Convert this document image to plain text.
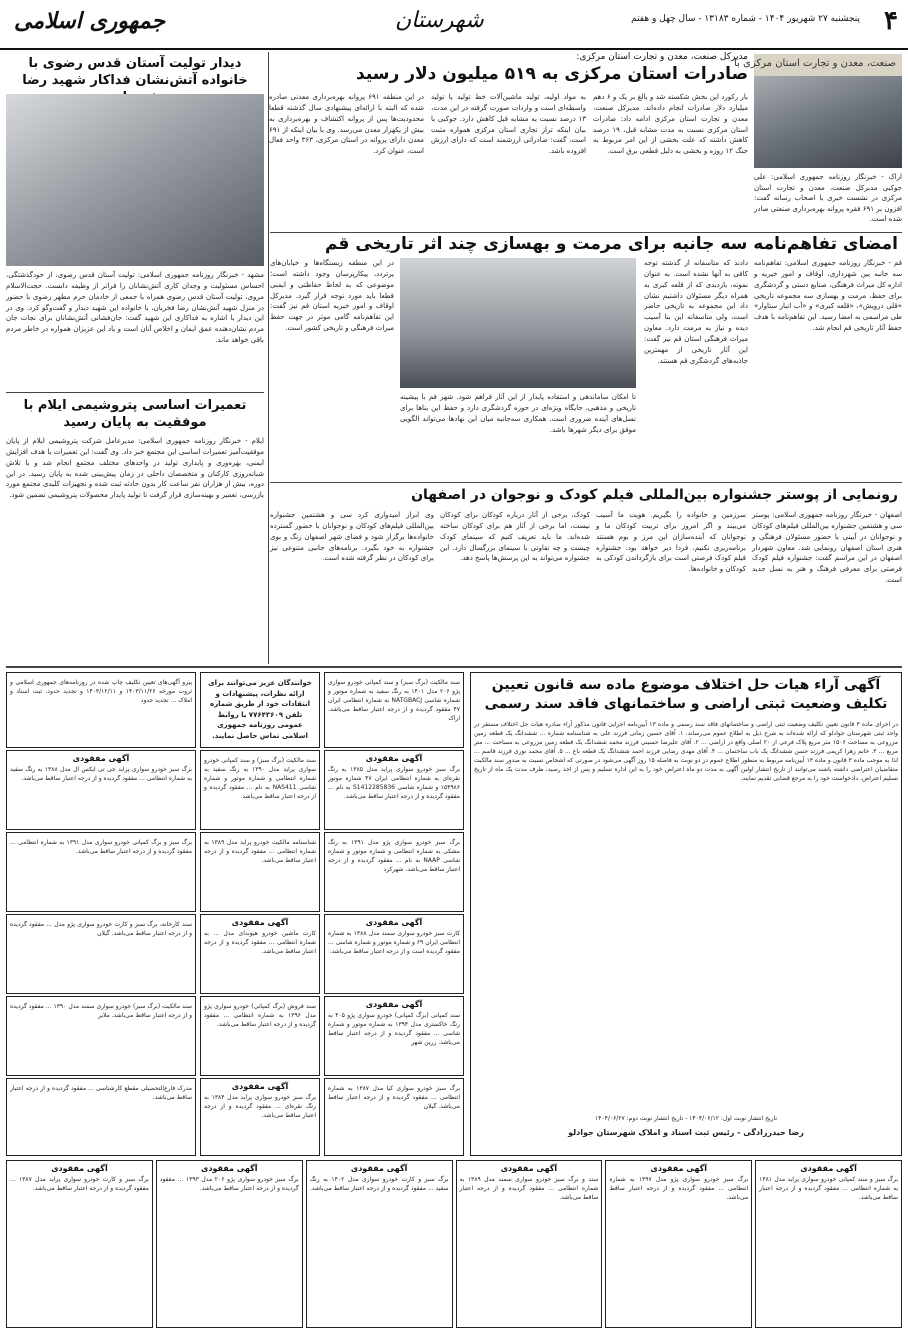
۴
پنجشنبه ۲۷ شهریور ۱۴۰۴ - شماره ۱۳۱۸۳ - سال چهل و هفتم
شهرستان
جمهوری اسلامی
مدیرکل صنعت، معدن و تجارت استان مرکزی:
صادرات استان مرکزی به ۵۱۹ میلیون دلار رسید
صنعت، معدن و تجارت استان مرکزی با
اراک - خبرنگار روزنامه جمهوری اسلامی: علی جوکبی مدیرکل صنعت، معدن و تجارت استان مرکزی در نشست خبری با اصحاب رسانه گفت: افزون بر ۶۹۱ فقره پروانه بهره‌برداری صنعتی صادر شده است.
بار رکورد این بخش شکسته شد و بالغ بر یک و ۶ دهم میلیارد دلار صادرات انجام داده‌اند. مدیرکل صنعت، معدن و تجارت استان مرکزی ادامه داد: صادرات استان مرکزی نسبت به مدت مشابه قبل، ۱۹ درصد کاهش داشته که علت بخشی از این امر مربوط به جنگ ۱۲ روزه و بخشی به دلیل قطعی برق است.
به مواد اولیه، تولید ماشین‌آلات خط تولید یا تولید واسطه‌ای است و واردات صورت گرفته در این مدت، ۱۳ درصد نسبت به مشابه قبل کاهش دارد. جوکبی با بیان اینکه تراز تجاری استان مرکزی همواره مثبت است، گفت: صادراتی ارزشمند است که دارای ارزش افزوده باشد.
در این منطقه ۶۹۱ پروانه بهره‌برداری معدنی صادره شده که البته با ارائه‌ای پیشنهادی سال گذشته قطعا محدودیت‌ها پس از پروانه اکتشاف و بهره‌برداری به بیش از یکهزار معدن می‌رسد. وی با بیان اینکه از ۶۹۱ معدن دارای پروانه در استان مرکزی، ۳۶۳ واحد فعال است، عنوان کرد.
امضای تفاهم‌نامه سه جانبه برای مرمت و بهسازی چند اثر تاریخی قم
قم - خبرنگار روزنامه جمهوری اسلامی: تفاهم‌نامه سه جانبه بین شهرداری، اوقاف و امور خیریه و اداره کل میراث فرهنگی، صنایع دستی و گردشگری برای حفظ، مرمت و بهسازی سه مجموعه تاریخی «قلی درویش»، «قلعه کبری» و «آب انبار ستاوار» طی مراسمی به امضا رسید. این تفاهم‌نامه با هدف حفظ آثار تاریخی قم انجام شد.
دادند که متاسفانه از گذشته توجه کافی به آنها نشده است. به عنوان نمونه، بازدیدی که از قلعه کبری به همراه دیگر مسئولان داشتیم نشان داد این مجموعه به تاریخی حاضر است، ولی متاسفانه این بنا آسیب دیده و نیاز به مرمت دارد. معاون میراث فرهنگی استان قم نیز گفت: این آثار تاریخی از مهمترین جاذبه‌های گردشگری قم هستند.
تا امکان ساماندهی و استفاده پایدار از این آثار فراهم شود. شهر قم با پیشینه تاریخی و مذهبی، جایگاه ویژه‌ای در حوزه گردشگری دارد و حفظ این بناها برای نسل‌های آینده ضروری است. همکاری سه‌جانبه میان این نهادها می‌تواند الگویی موفق برای دیگر شهرها باشد.
در این منطقه زیستگاه‌ها و خیابان‌های پرتردد، پیکارپرسان وجود داشته است؛ موضوعی که به لحاظ حفاظتی و ایمنی قطعا باید مورد توجه قرار گیرد. مدیرکل اوقاف و امور خیریه استان قم نیز گفت: این تفاهم‌نامه گامی موثر در جهت حفظ میراث فرهنگی و تاریخی کشور است.
رونمایی از پوستر جشنواره بین‌المللی فیلم کودک و نوجوان در اصفهان
اصفهان - خبرنگار روزنامه جمهوری اسلامی: پوستر سی و هشتمین جشنواره بین‌المللی فیلم‌های کودکان و نوجوانان در آیینی با حضور مسئولان فرهنگی و هنری استان اصفهان رونمایی شد. معاون شهردار اصفهان در این مراسم گفت: جشنواره فیلم کودک فرصتی برای معرفی فرهنگ و هنر به نسل جدید است.
سرزمین و خانواده را بگیریم. هویت ما آسیب می‌بیند و اگر امروز برای تربیت کودکان ما و نوجوانان که آینده‌سازان این مرز و بوم هستند برنامه‌ریزی نکنیم، فردا دیر خواهد بود. جشنواره فیلم کودک فرصتی است برای بازگرداندن کودکی به کودکان و خانواده‌ها.
کودک، برخی از آثار درباره کودکان برای کودکان نیست، اما برخی از آثار هم برای کودکان ساخته شده‌اند. ما باید تعریف کنیم که سینمای کودک چیست و چه تفاوتی با سینمای بزرگسال دارد. این جشنواره می‌تواند به این پرسش‌ها پاسخ دهد.
وی ابراز امیدواری کرد سی و هشتمین جشنواره بین‌المللی فیلم‌های کودکان و نوجوانان با حضور گسترده خانواده‌ها برگزار شود و فضای شهر اصفهان رنگ و بوی جشنواره به خود بگیرد. برنامه‌های جانبی متنوعی نیز برای کودکان در نظر گرفته شده است.
دیدار تولیت آستان قدس رضوی با خانواده آتش‌نشان فداکار شهید رضا
مشهد - خبرنگار روزنامه جمهوری اسلامی: تولیت آستان قدس رضوی، از خودگذشتگی، احساس مسئولیت و وجدان کاری آتش‌نشانان را فراتر از وظیفه دانست. حجت‌الاسلام مروی، تولیت آستان قدس رضوی همراه با جمعی از خادمان حرم مطهر رضوی با حضور در منزل شهید آتش‌نشان رضا فخریان، با خانواده این شهید دیدار و گفت‌وگو کرد. وی در این دیدار با اشاره به فداکاری این شهید گفت: جان‌فشانی آتش‌نشانان برای نجات جان مردم نشان‌دهنده عمق ایمان و اخلاص آنان است و یاد این عزیزان همواره در خاطر مردم باقی خواهد ماند.
تعمیرات اساسی پتروشیمی ایلام با موفقیت به پایان رسید
ایلام - خبرنگار روزنامه جمهوری اسلامی: مدیرعامل شرکت پتروشیمی ایلام از پایان موفقیت‌آمیز تعمیرات اساسی این مجتمع خبر داد. وی گفت: این تعمیرات با هدف افزایش ایمنی، بهره‌وری و پایداری تولید در واحدهای مختلف مجتمع انجام شد و با تلاش شبانه‌روزی کارکنان و متخصصان داخلی در زمان پیش‌بینی شده به پایان رسید. در این دوره، بیش از هزاران نفر ساعت کار بدون حادثه ثبت شده و تجهیزات کلیدی مجتمع مورد بازرسی، تعمیر و بهینه‌سازی قرار گرفت تا تولید پایدار محصولات پتروشیمی تضمین شود.
آگهی آراء هیات حل اختلاف موضوع ماده سه قانون تعیین تکلیف وضعیت ثبتی اراضی و ساختمانهای فاقد سند رسمی
در اجرای ماده ۳ قانون تعیین تکلیف وضعیت ثبتی اراضی و ساختمانهای فاقد سند رسمی و ماده ۱۳ آیین‌نامه اجرایی قانون مذکور آراء صادره هیات حل اختلاف مستقر در واحد ثبتی شهرستان جوادلو که ارائه شده‌اند به شرح ذیل به اطلاع عموم می‌رساند. ۱. آقای حسین زمانی فرزند علی به شناسنامه شماره ... ششدانگ یک قطعه زمین مزروعی به مساحت ۱۵۰۶ متر مربع پلاک فرعی از ۲۰ اصلی واقع در اراضی ... ۲. آقای علیرضا حسینی فرزند محمد ششدانگ یک قطعه زمین مزروعی به مساحت ... متر مربع ... ۳. خانم زهرا کریمی فرزند حسن ششدانگ یک باب ساختمان ... ۴. آقای مهدی رضایی فرزند احمد ششدانگ یک قطعه باغ ... ۵. آقای محمد نوری فرزند قاسم ... لذا به موجب ماده ۳ قانون و ماده ۱۳ آیین‌نامه مربوط به منظور اطلاع عموم در دو نوبت به فاصله ۱۵ روز آگهی می‌شود در صورتی که اشخاص نسبت به صدور سند مالکیت متقاضیان اعتراضی داشته باشند می‌توانند از تاریخ انتشار اولین آگهی به مدت دو ماه اعتراض خود را به این اداره تسلیم و پس از اخذ رسید، ظرف مدت یک ماه از تاریخ تسلیم اعتراض، دادخواست خود را به مرجع قضایی تقدیم نمایند.
تاریخ انتشار نوبت اول: ۱۴۰۴/۰۶/۱۲ - تاریخ انتشار نوبت دوم: ۱۴۰۴/۰۶/۲۷
رضا حیدرزادگی - رئیس ثبت اسناد و املاک شهرستان جوادلو
سند مالکیت (برگ سبز) و سند کمپانی خودرو سواری پژو ۲۰۶ مدل ۱۴۰۱ به رنگ سفید به شماره موتور و شماره شاسی NATGBACJ به شماره انتظامی ایران ۴۷ مفقود گردیده و از درجه اعتبار ساقط می‌باشد. اراک
آگهی مفقودی
برگ سبز خودرو سواری پراید مدل ۱۳۸۵ به رنگ نقره‌ای به شماره انتظامی ایران ۴۷ شماره موتور ۱۵۴۹۸۶ و شماره شاسی S1412285836 به نام ... مفقود گردیده و از درجه اعتبار ساقط می‌باشد.
برگ سبز خودرو سواری پژو مدل ۱۳۹۱ به رنگ مشکی به شماره انتظامی و شماره موتور و شماره شاسی NAAP به نام ... مفقود گردیده و از درجه اعتبار ساقط می‌باشد. شهرکرد
آگهی مفقودی
کارت سبز خودرو سواری سمند مدل ۱۳۸۸ به شماره انتظامی ایران ۶۹ و شماره موتور و شماره شاسی ... مفقود گردیده است و از درجه اعتبار ساقط می‌باشد.
آگهی مفقودی
سند کمپانی (برگ کمپانی) خودرو سواری پژو ۴۰۵ به رنگ خاکستری مدل ۱۳۹۴ به شماره موتور و شماره شاسی ... مفقود گردیده و از درجه اعتبار ساقط می‌باشد. زرین شهر
برگ سبز خودرو سواری کیا مدل ۱۳۸۷ به شماره انتظامی ... مفقود گردیده و از درجه اعتبار ساقط می‌باشد. گیلان
خوانندگان عزیز می‌توانند برای ارائه نظرات، پیشنهادات و انتقادات خود از طریق شماره تلفن ۷۷۶۴۳۶۰۹ با روابط عمومی روزنامه جمهوری اسلامی تماس حاصل نمایند.
سند مالکیت (برگ سبز) و سند کمپانی خودرو سواری پراید مدل ۱۳۹۰ به رنگ سفید به شماره انتظامی و شماره موتور و شماره شاسی NAS411 به نام ... مفقود گردیده و از درجه اعتبار ساقط می‌باشد.
شناسنامه مالکیت خودرو پراید مدل ۱۳۸۹ به شماره انتظامی ... مفقود گردیده و از درجه اعتبار ساقط می‌باشد.
آگهی مفقودی
کارت ماشین خودرو هیوندای مدل ... به شماره انتظامی ... مفقود گردیده و از درجه اعتبار ساقط می‌باشد.
سند فروش (برگ کمپانی) خودرو سواری پژو مدل ۱۳۹۶ به شماره انتظامی ... مفقود گردیده و از درجه اعتبار ساقط می‌باشد.
آگهی مفقودی
برگ سبز خودرو سواری پراید مدل ۱۳۸۴ به رنگ نقره‌ای ... مفقود گردیده و از درجه اعتبار ساقط می‌باشد.
پیرو آگهی‌های تعیین تکلیف چاپ شده در روزنامه‌های جمهوری اسلامی و ثروت مورخه ۱۴۰۳/۱۱/۲۶ و ۱۴۰۳/۱۲/۱۱ و تجدید حدود. ثبت اسناد و املاک ... تجدید حدود
آگهی مفقودی
برگ سبز خودرو سواری پراید جی تی ایکس ال مدل ۱۳۸۸ به رنگ سفید به شماره انتظامی ... مفقود گردیده و از درجه اعتبار ساقط می‌باشد.
برگ سبز و برگ کمپانی خودرو سواری مدل ۱۳۹۱ به شماره انتظامی ... مفقود گردیده و از درجه اعتبار ساقط می‌باشد.
سند کارخانه، برگ سبز و کارت خودرو سواری پژو مدل ... مفقود گردیده و از درجه اعتبار ساقط می‌باشد. گیلان
سند مالکیت (برگ سبز) خودرو سواری سمند مدل ۱۳۹۰ ... مفقود گردیده و از درجه اعتبار ساقط می‌باشد. ملایر
مدرک فارغ‌التحصیلی مقطع کارشناسی ... مفقود گردیده و از درجه اعتبار ساقط می‌باشد.
آگهی مفقودی
برگ سبز و سند کمپانی خودرو سواری پراید مدل ۱۳۸۱ به شماره انتظامی ... مفقود گردیده و از درجه اعتبار ساقط می‌باشد.
آگهی مفقودی
برگ سبز خودرو سواری پژو مدل ۱۳۹۷ به شماره انتظامی ... مفقود گردیده و از درجه اعتبار ساقط می‌باشد.
آگهی مفقودی
سند و برگ سبز خودرو سواری سمند مدل ۱۳۸۹ به شماره انتظامی ... مفقود گردیده و از درجه اعتبار ساقط می‌باشد.
آگهی مفقودی
برگ سبز و کارت خودرو سواری مدل ۱۴۰۲ به رنگ سفید ... مفقود گردیده و از درجه اعتبار ساقط می‌باشد.
آگهی مفقودی
برگ سبز خودرو سواری پژو ۲۰۶ مدل ۱۳۹۳ ... مفقود گردیده و از درجه اعتبار ساقط می‌باشد.
آگهی مفقودی
برگ سبز و کارت خودرو سواری پراید مدل ۱۳۸۷ ... مفقود گردیده و از درجه اعتبار ساقط می‌باشد.
